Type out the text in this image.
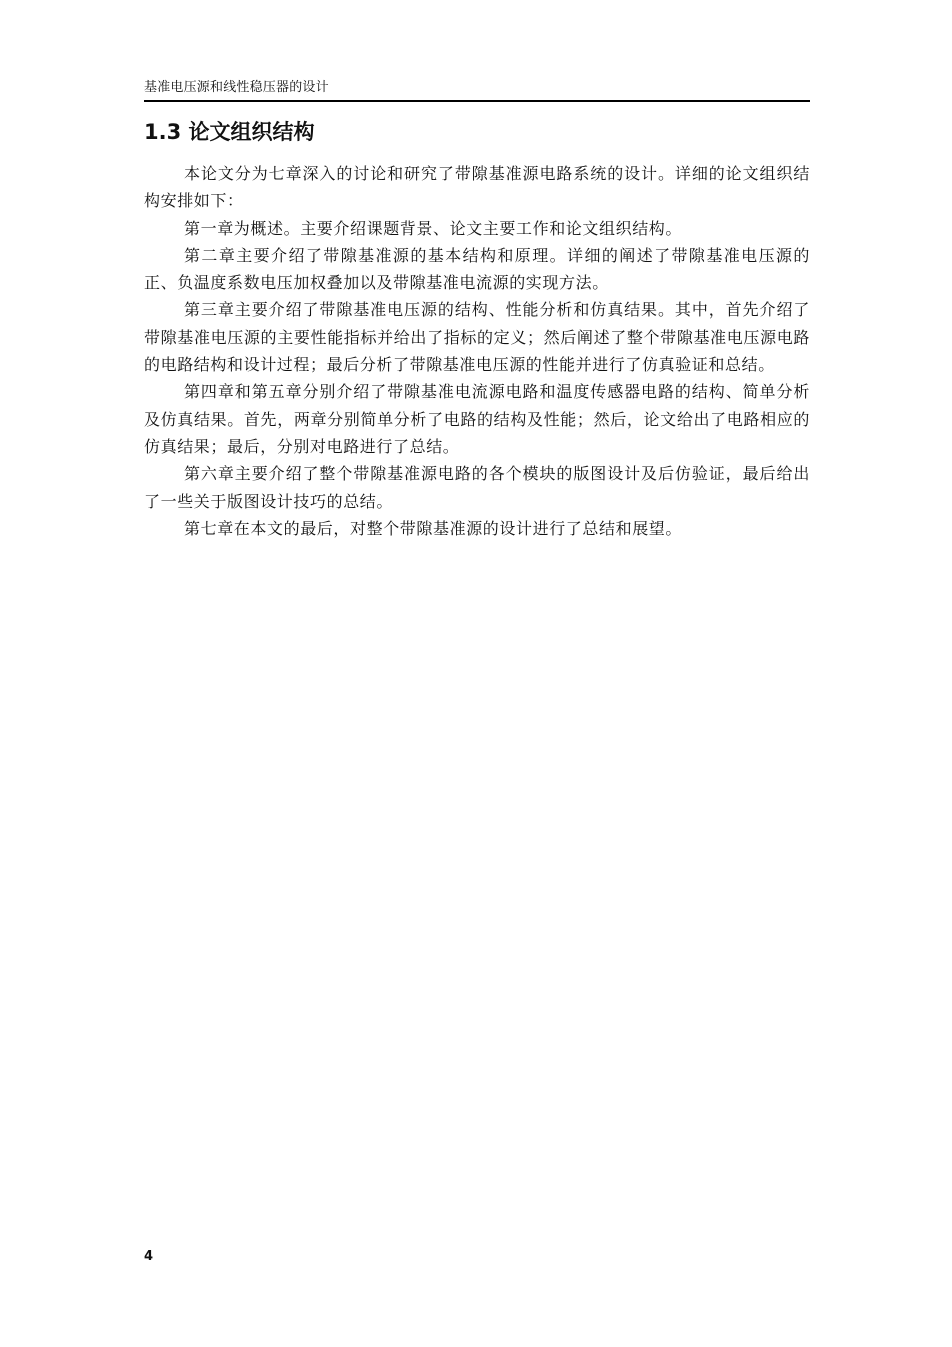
基准电压源和线性稳压器的设计
1.3 论文组织结构

本论文分为七章深入的讨论和研究了带隙基准源电路系统的设计。详细的论文组织结构安排如下：

第一章为概述。主要介绍课题背景、论文主要工作和论文组织结构。

第二章主要介绍了带隙基准源的基本结构和原理。详细的阐述了带隙基准电压源的正、负温度系数电压加权叠加以及带隙基准电流源的实现方法。

第三章主要介绍了带隙基准电压源的结构、性能分析和仿真结果。其中，首先介绍了带隙基准电压源的主要性能指标并给出了指标的定义；然后阐述了整个带隙基准电压源电路的电路结构和设计过程；最后分析了带隙基准电压源的性能并进行了仿真验证和总结。

第四章和第五章分别介绍了带隙基准电流源电路和温度传感器电路的结构、简单分析及仿真结果。首先，两章分别简单分析了电路的结构及性能；然后，论文给出了电路相应的仿真结果；最后，分别对电路进行了总结。

第六章主要介绍了整个带隙基准源电路的各个模块的版图设计及后仿验证，最后给出了一些关于版图设计技巧的总结。

第七章在本文的最后，对整个带隙基准源的设计进行了总结和展望。

4
